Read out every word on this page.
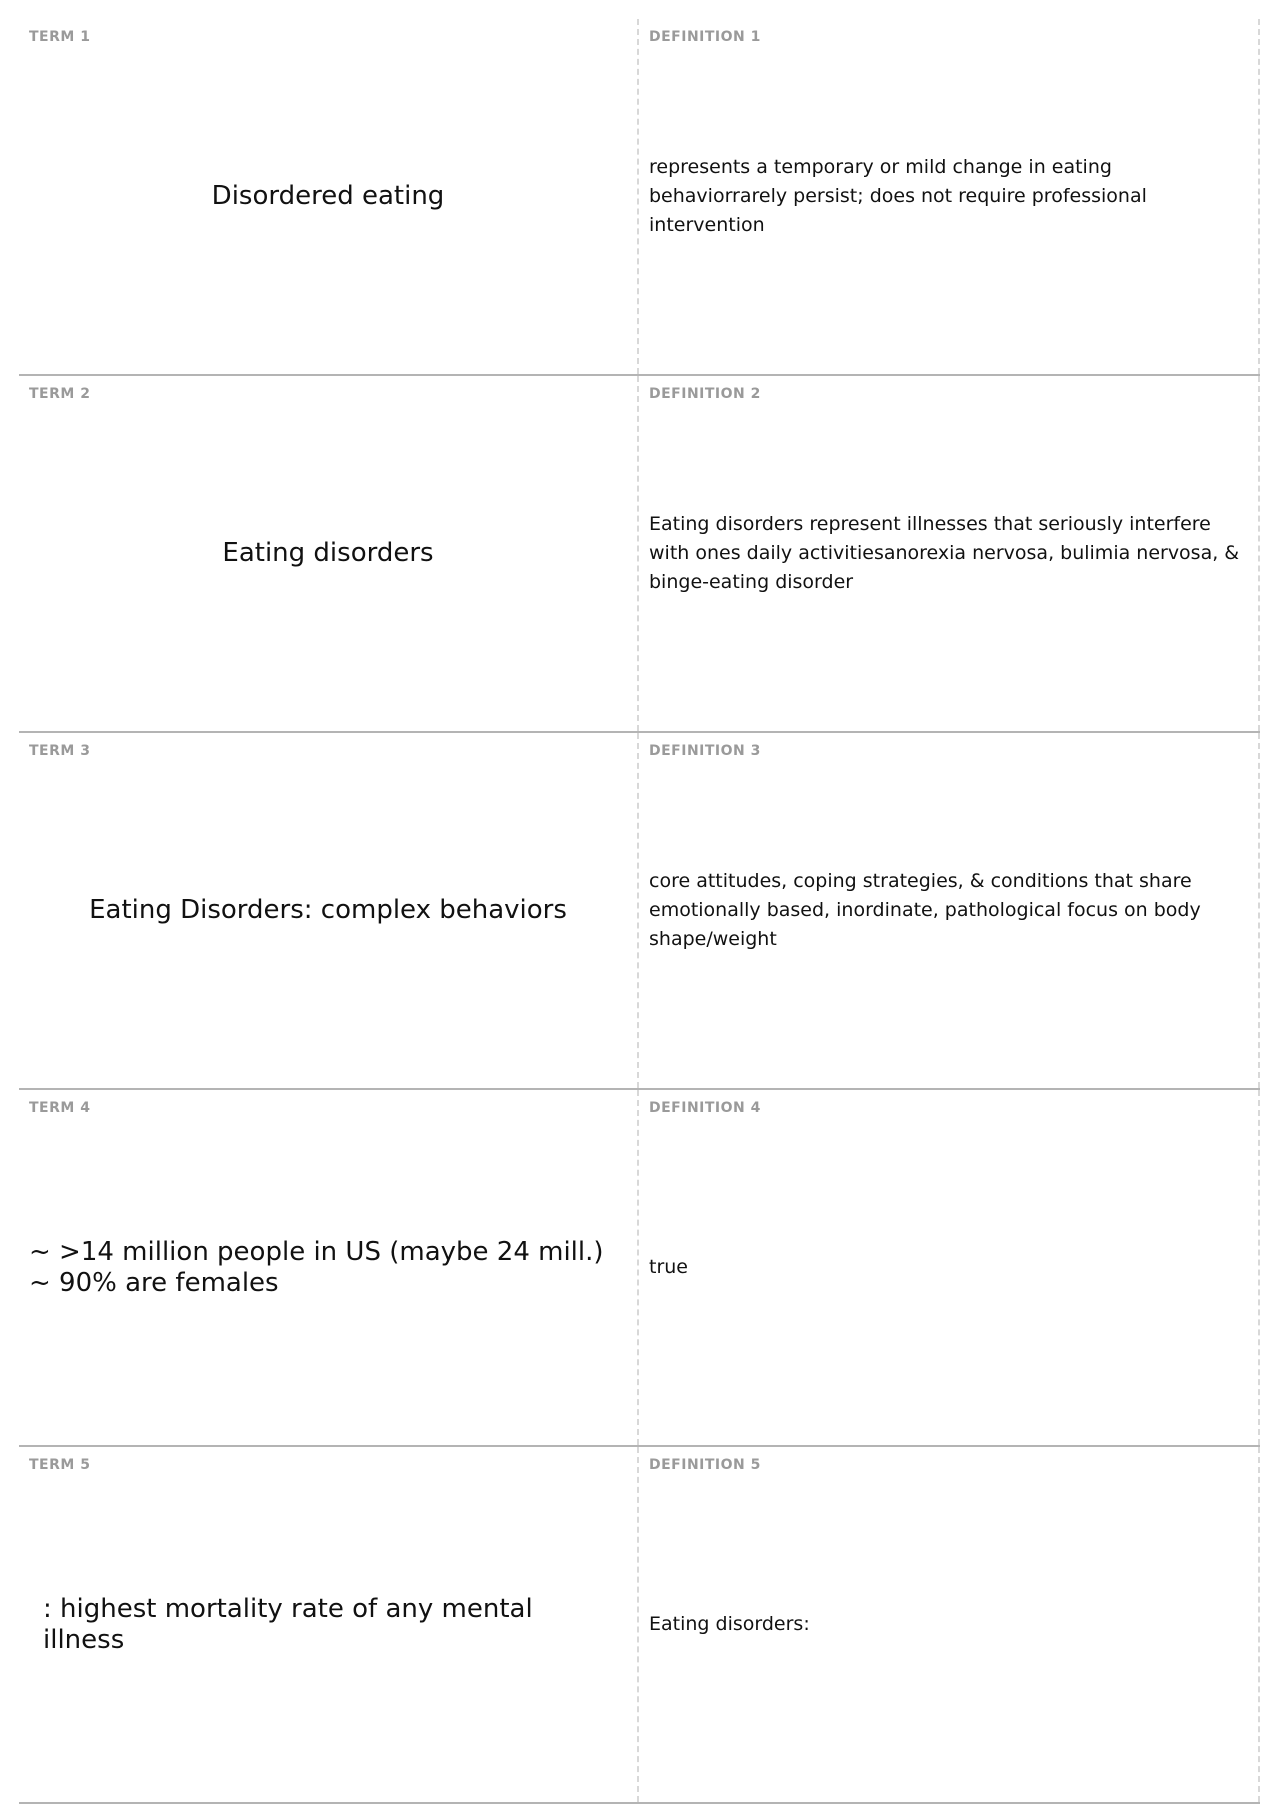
TERM 1
Disordered eating
DEFINITION 1
represents a temporary or mild change in eating behaviorrarely persist; does not require professional intervention
TERM 2
Eating disorders
DEFINITION 2
Eating disorders represent illnesses that seriously interfere with ones daily activitiesanorexia nervosa, bulimia nervosa, & binge-eating disorder
TERM 3
Eating Disorders: complex behaviors
DEFINITION 3
core attitudes, coping strategies, & conditions that share emotionally based, inordinate, pathological focus on body shape/weight
TERM 4
~ >14 million people in US (maybe 24 mill.) ~ 90% are females
DEFINITION 4
true
TERM 5
: highest mortality rate of any mental illness
DEFINITION 5
Eating disorders:
